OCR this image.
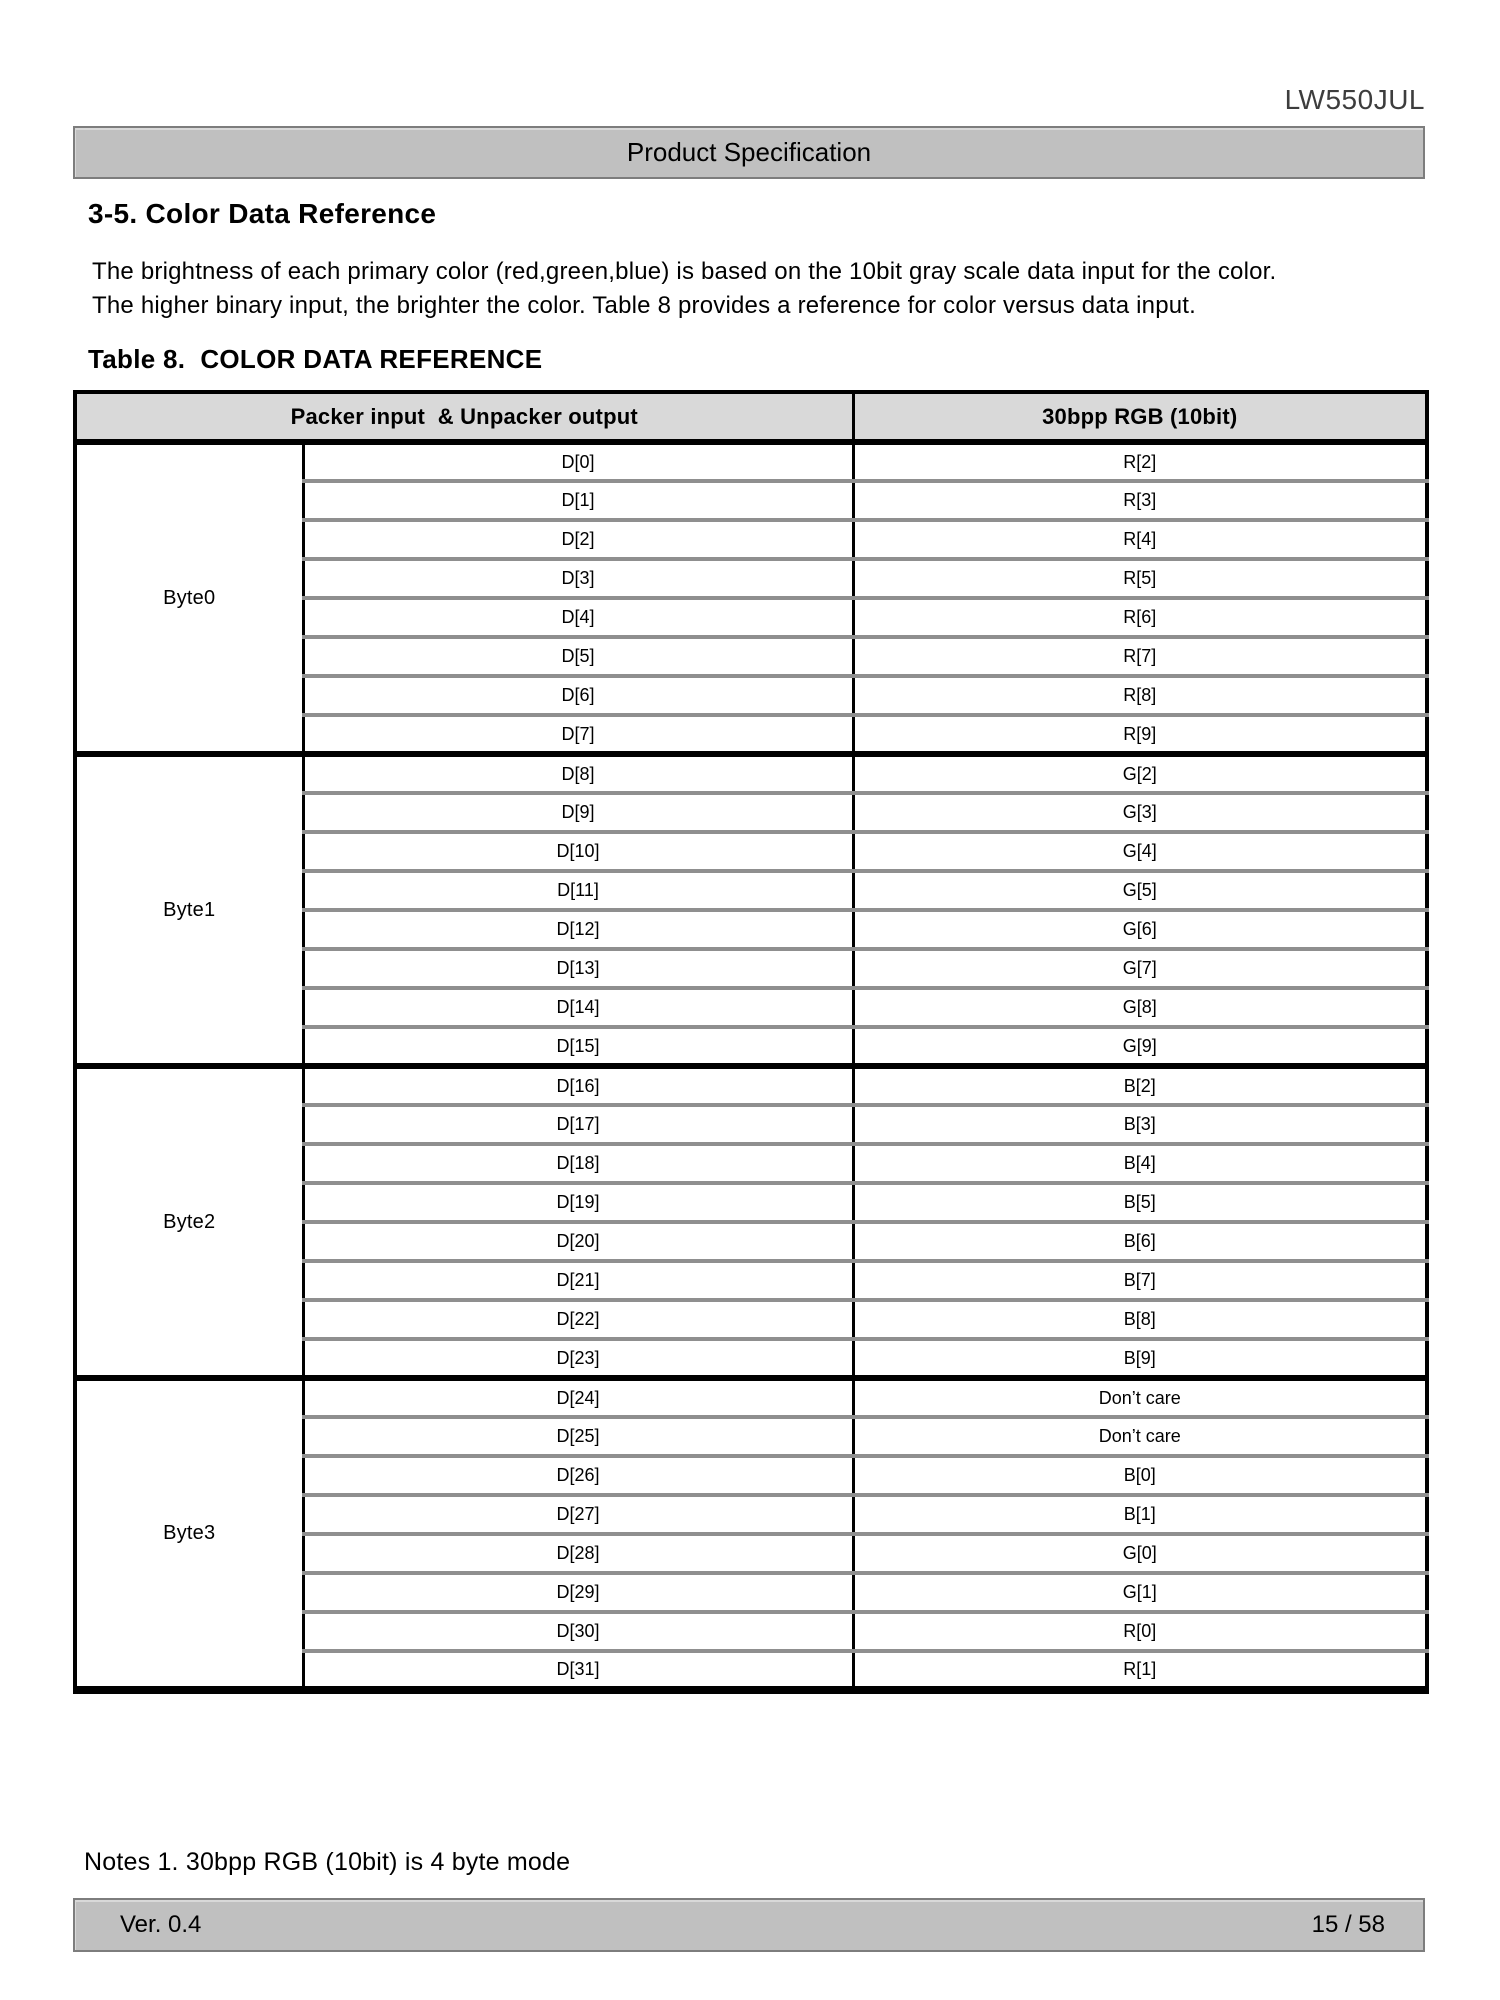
LW550JUL
Product Specification
3-5. Color Data Reference
The brightness of each primary color (red,green,blue) is based on the 10bit gray scale data input for the color.
The higher binary input, the brighter the color. Table 8 provides a reference for color versus data input.
Table 8.  COLOR DATA REFERENCE
Packer input  & Unpacker output		30bpp RGB (10bit)
Byte0	D[0]	R[2]
	D[1]	R[3]
	D[2]	R[4]
	D[3]	R[5]
	D[4]	R[6]
	D[5]	R[7]
	D[6]	R[8]
	D[7]	R[9]
Byte1	D[8]	G[2]
	D[9]	G[3]
	D[10]	G[4]
	D[11]	G[5]
	D[12]	G[6]
	D[13]	G[7]
	D[14]	G[8]
	D[15]	G[9]
Byte2	D[16]	B[2]
	D[17]	B[3]
	D[18]	B[4]
	D[19]	B[5]
	D[20]	B[6]
	D[21]	B[7]
	D[22]	B[8]
	D[23]	B[9]
Byte3	D[24]	Don’t care
	D[25]	Don’t care
	D[26]	B[0]
	D[27]	B[1]
	D[28]	G[0]
	D[29]	G[1]
	D[30]	R[0]
	D[31]	R[1]
Notes 1. 30bpp RGB (10bit) is 4 byte mode
Ver. 0.4	15 / 58
